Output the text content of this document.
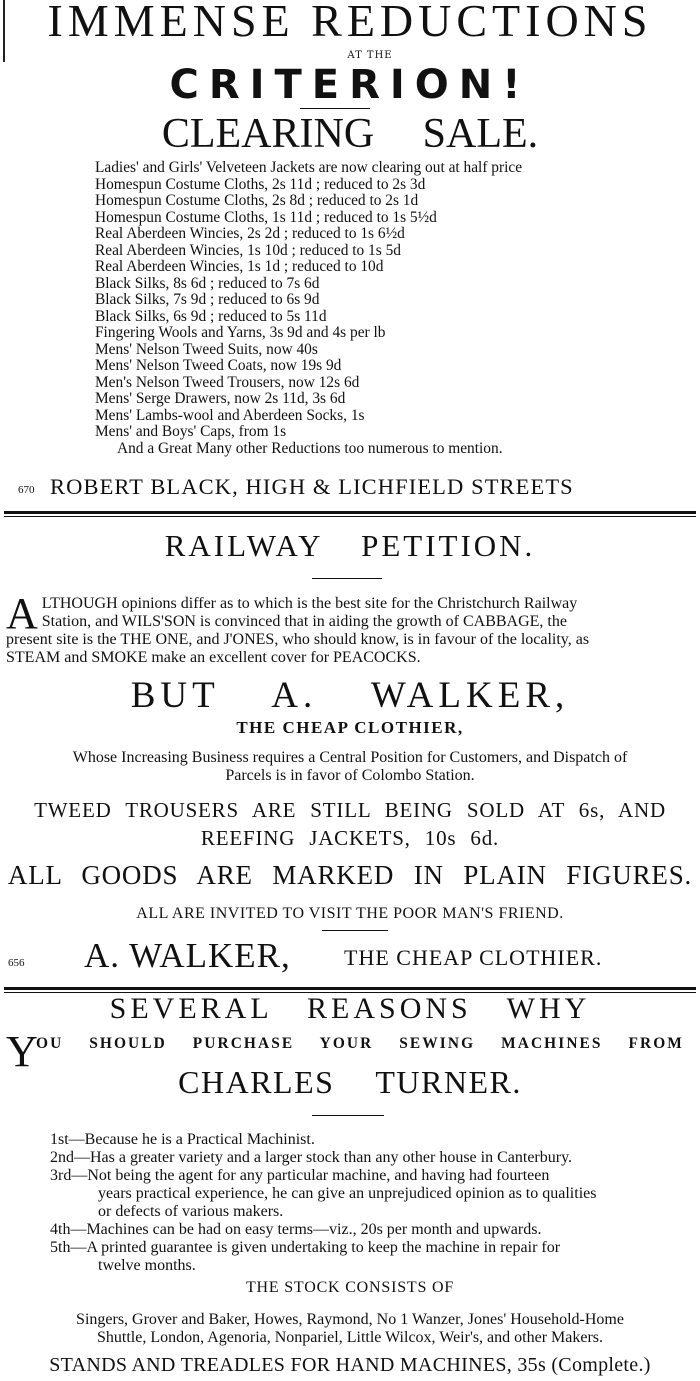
IMMENSE REDUCTIONS
AT THE
CRITERION!
CLEARING SALE.
Ladies' and Girls' Velveteen Jackets are now clearing out at half price
Homespun Costume Cloths, 2s 11d ; reduced to 2s 3d
Homespun Costume Cloths, 2s 8d ; reduced to 2s 1d
Homespun Costume Cloths, 1s 11d ; reduced to 1s 5½d
Real Aberdeen Wincies, 2s 2d ; reduced to 1s 6½d
Real Aberdeen Wincies, 1s 10d ; reduced to 1s 5d
Real Aberdeen Wincies, 1s 1d ; reduced to 10d
Black Silks, 8s 6d ; reduced to 7s 6d
Black Silks, 7s 9d ; reduced to 6s 9d
Black Silks, 6s 9d ; reduced to 5s 11d
Fingering Wools and Yarns, 3s 9d and 4s per lb
Mens' Nelson Tweed Suits, now 40s
Mens' Nelson Tweed Coats, now 19s 9d
Men's Nelson Tweed Trousers, now 12s 6d
Mens' Serge Drawers, now 2s 11d, 3s 6d
Mens' Lambs-wool and Aberdeen Socks, 1s
Mens' and Boys' Caps, from 1s
And a Great Many other Reductions too numerous to mention.
670 ROBERT BLACK, HIGH & LICHFIELD STREETS
RAILWAY PETITION.
A LTHOUGH opinions differ as to which is the best site for the Christchurch Railway
Station, and WILS'SON is convinced that in aiding the growth of CABBAGE, the
present site is the THE ONE, and J'ONES, who should know, is in favour of the locality, as
STEAM and SMOKE make an excellent cover for PEACOCKS.
BUT A. WALKER,
THE CHEAP CLOTHIER,
Whose Increasing Business requires a Central Position for Customers, and Dispatch of
Parcels is in favor of Colombo Station.
TWEED TROUSERS ARE STILL BEING SOLD AT 6s, AND
REEFING JACKETS, 10s 6d.
ALL GOODS ARE MARKED IN PLAIN FIGURES.
ALL ARE INVITED TO VISIT THE POOR MAN'S FRIEND.
656 A. WALKER, THE CHEAP CLOTHIER.
SEVERAL REASONS WHY
Y
OU SHOULD PURCHASE YOUR SEWING MACHINES FROM
CHARLES TURNER.
1st—Because he is a Practical Machinist.
2nd—Has a greater variety and a larger stock than any other house in Canterbury.
3rd—Not being the agent for any particular machine, and having had fourteen
years practical experience, he can give an unprejudiced opinion as to qualities
or defects of various makers.
4th—Machines can be had on easy terms—viz., 20s per month and upwards.
5th—A printed guarantee is given undertaking to keep the machine in repair for
twelve months.
THE STOCK CONSISTS OF
Singers, Grover and Baker, Howes, Raymond, No 1 Wanzer, Jones' Household-Home
Shuttle, London, Agenoria, Nonpariel, Little Wilcox, Weir's, and other Makers.
STANDS AND TREADLES FOR HAND MACHINES, 35s (Complete.)
